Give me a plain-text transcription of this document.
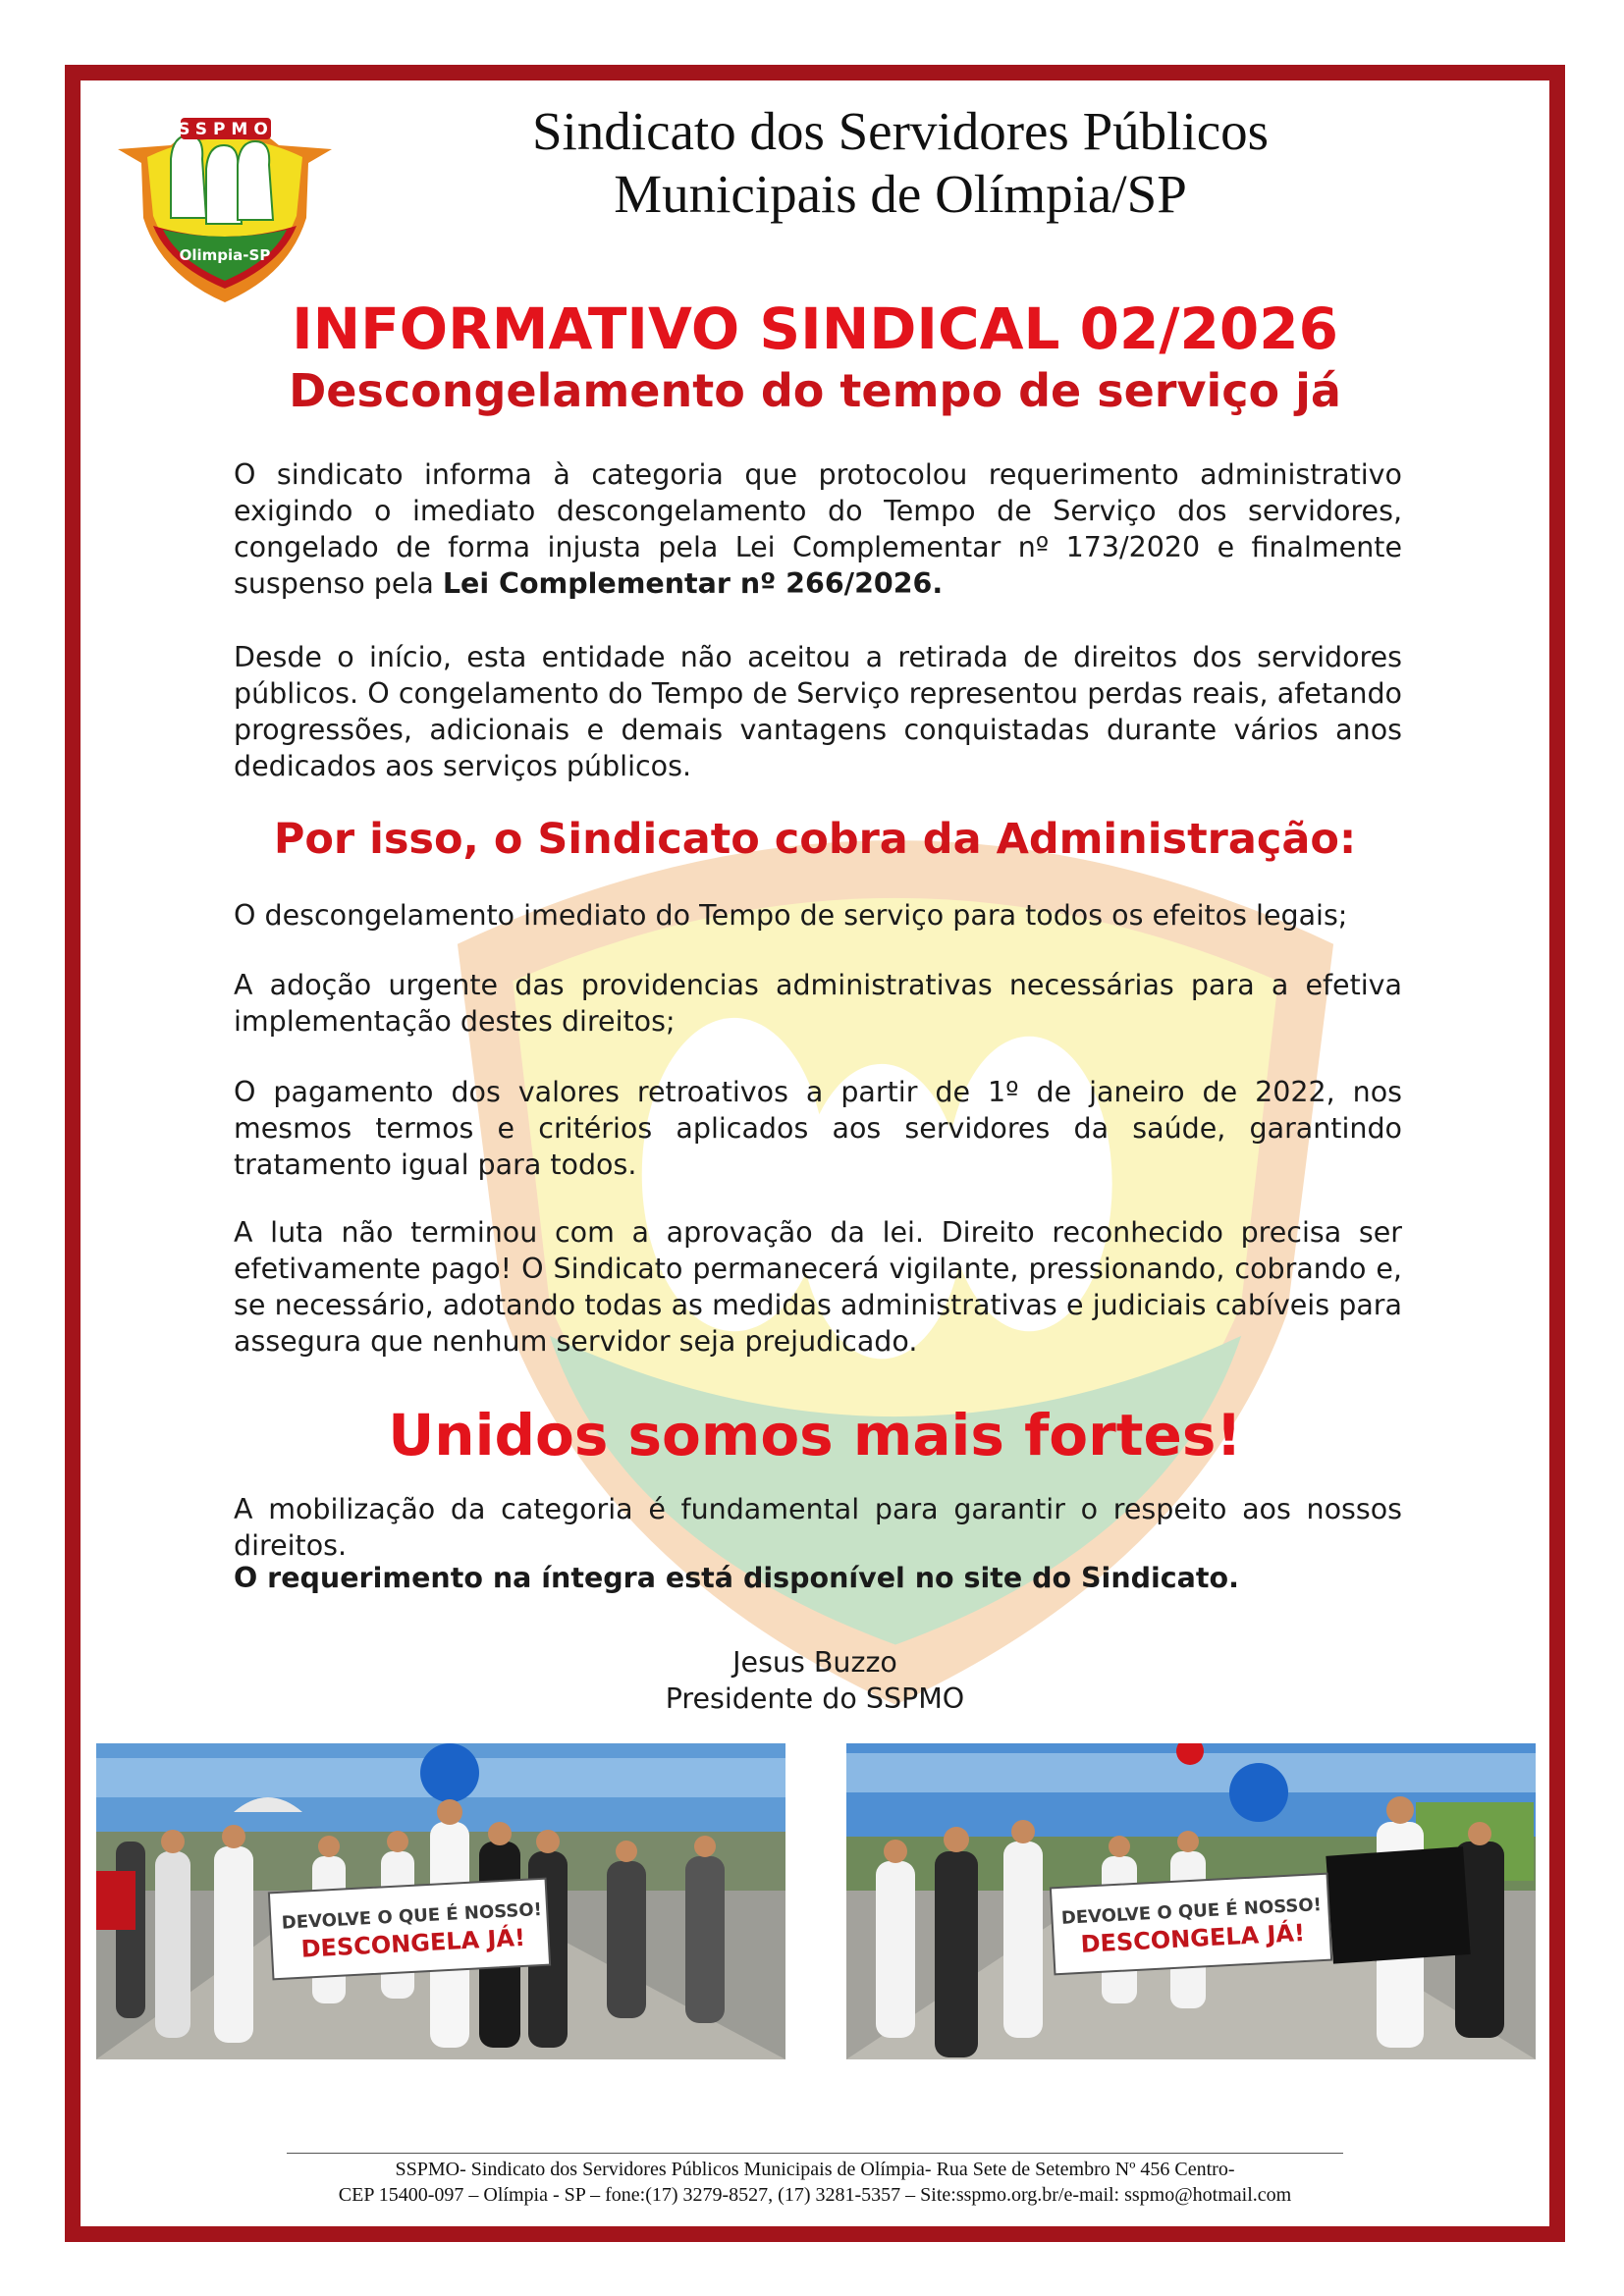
SSPMO
Olimpia-SP
Sindicato dos Servidores Públicos
Municipais de Olímpia/SP
INFORMATIVO SINDICAL 02/2026
Descongelamento do tempo de serviço já
O sindicato informa à categoria que protocolou requerimento administrativo exigindo o imediato descongelamento do Tempo de Serviço dos servidores, congelado de forma injusta pela Lei Complementar nº 173/2020 e finalmente suspenso pela Lei Complementar nº 266/2026.
Desde o início, esta entidade não aceitou a retirada de direitos dos servidores públicos. O congelamento do Tempo de Serviço representou perdas reais, afetando progressões, adicionais e demais vantagens conquistadas durante vários anos dedicados aos serviços públicos.
Por isso, o Sindicato cobra da Administração:
O descongelamento imediato do Tempo de serviço para todos os efeitos legais;
A adoção urgente das providencias administrativas necessárias para a efetiva implementação destes direitos;
O pagamento dos valores retroativos a partir de 1º de janeiro de 2022, nos mesmos termos e critérios aplicados aos servidores da saúde, garantindo tratamento igual para todos.
A luta não terminou com a aprovação da lei. Direito reconhecido precisa ser efetivamente pago! O Sindicato permanecerá vigilante, pressionando, cobrando e, se necessário, adotando todas as medidas administrativas e judiciais cabíveis para assegura que nenhum servidor seja prejudicado.
Unidos somos mais fortes!
A mobilização da categoria é fundamental para garantir o respeito aos nossos direitos.
O requerimento na íntegra está disponível no site do Sindicato.
Jesus Buzzo
Presidente do SSPMO
DEVOLVE O QUE É NOSSO!
DESCONGELA JÁ!
DEVOLVE O QUE É NOSSO!
DESCONGELA JÁ!
SSPMO- Sindicato dos Servidores Públicos Municipais de Olímpia- Rua Sete de Setembro Nº 456 Centro-
CEP 15400-097 – Olímpia - SP – fone:(17) 3279-8527, (17) 3281-5357 – Site:sspmo.org.br/e-mail: sspmo@hotmail.com
